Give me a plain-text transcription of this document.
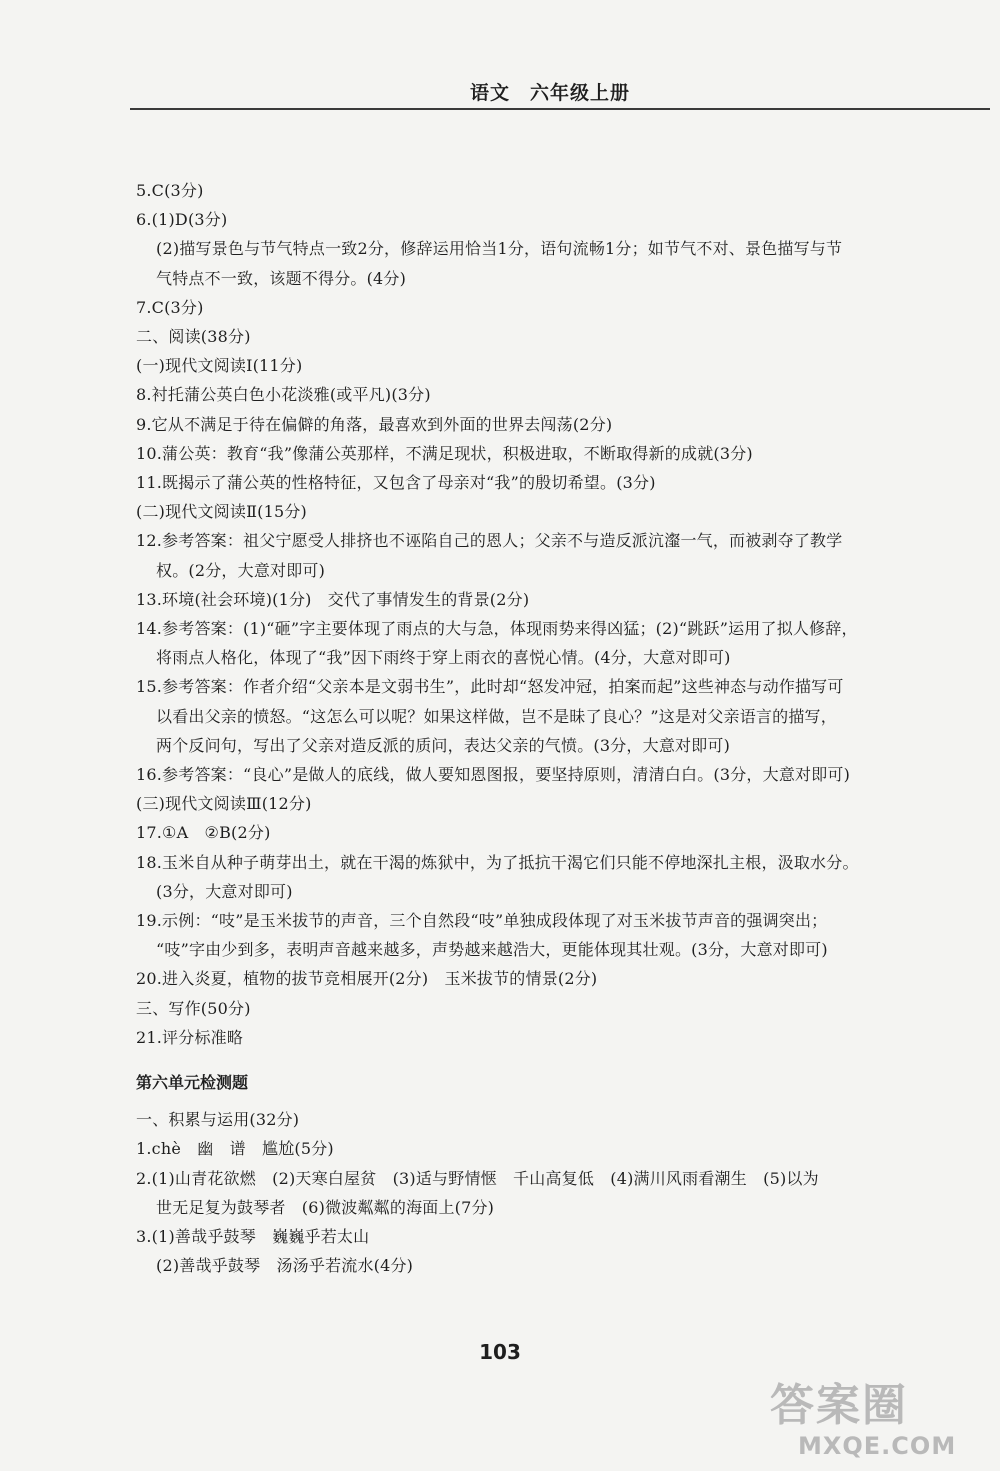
语文　六年级上册
5.C(3分)
6.(1)D(3分)
(2)描写景色与节气特点一致2分，修辞运用恰当1分，语句流畅1分；如节气不对、景色描写与节
气特点不一致，该题不得分。(4分)
7.C(3分)
二、阅读(38分)
(一)现代文阅读Ⅰ(11分)
8.衬托蒲公英白色小花淡雅(或平凡)(3分)
9.它从不满足于待在偏僻的角落，最喜欢到外面的世界去闯荡(2分)
10.蒲公英：教育“我”像蒲公英那样，不满足现状，积极进取，不断取得新的成就(3分)
11.既揭示了蒲公英的性格特征，又包含了母亲对“我”的殷切希望。(3分)
(二)现代文阅读Ⅱ(15分)
12.参考答案：祖父宁愿受人排挤也不诬陷自己的恩人；父亲不与造反派沆瀣一气，而被剥夺了教学
权。(2分，大意对即可)
13.环境(社会环境)(1分)　交代了事情发生的背景(2分)
14.参考答案：(1)“砸”字主要体现了雨点的大与急，体现雨势来得凶猛；(2)“跳跃”运用了拟人修辞，
将雨点人格化，体现了“我”因下雨终于穿上雨衣的喜悦心情。(4分，大意对即可)
15.参考答案：作者介绍“父亲本是文弱书生”，此时却“怒发冲冠，拍案而起”这些神态与动作描写可
以看出父亲的愤怒。“这怎么可以呢？如果这样做，岂不是昧了良心？”这是对父亲语言的描写，
两个反问句，写出了父亲对造反派的质问，表达父亲的气愤。(3分，大意对即可)
16.参考答案：“良心”是做人的底线，做人要知恩图报，要坚持原则，清清白白。(3分，大意对即可)
(三)现代文阅读Ⅲ(12分)
17.①A　②B(2分)
18.玉米自从种子萌芽出土，就在干渴的炼狱中，为了抵抗干渴它们只能不停地深扎主根，汲取水分。
(3分，大意对即可)
19.示例：“吱”是玉米拔节的声音，三个自然段“吱”单独成段体现了对玉米拔节声音的强调突出；
“吱”字由少到多，表明声音越来越多，声势越来越浩大，更能体现其壮观。(3分，大意对即可)
20.进入炎夏，植物的拔节竞相展开(2分)　玉米拔节的情景(2分)
三、写作(50分)
21.评分标准略
第六单元检测题
一、积累与运用(32分)
1.chè　幽　谱　尴尬(5分)
2.(1)山青花欲燃　(2)天寒白屋贫　(3)适与野情惬　千山高复低　(4)满川风雨看潮生　(5)以为
世无足复为鼓琴者　(6)微波粼粼的海面上(7分)
3.(1)善哉乎鼓琴　巍巍乎若太山
(2)善哉乎鼓琴　汤汤乎若流水(4分)
103
答案圈
MXQE.COM
